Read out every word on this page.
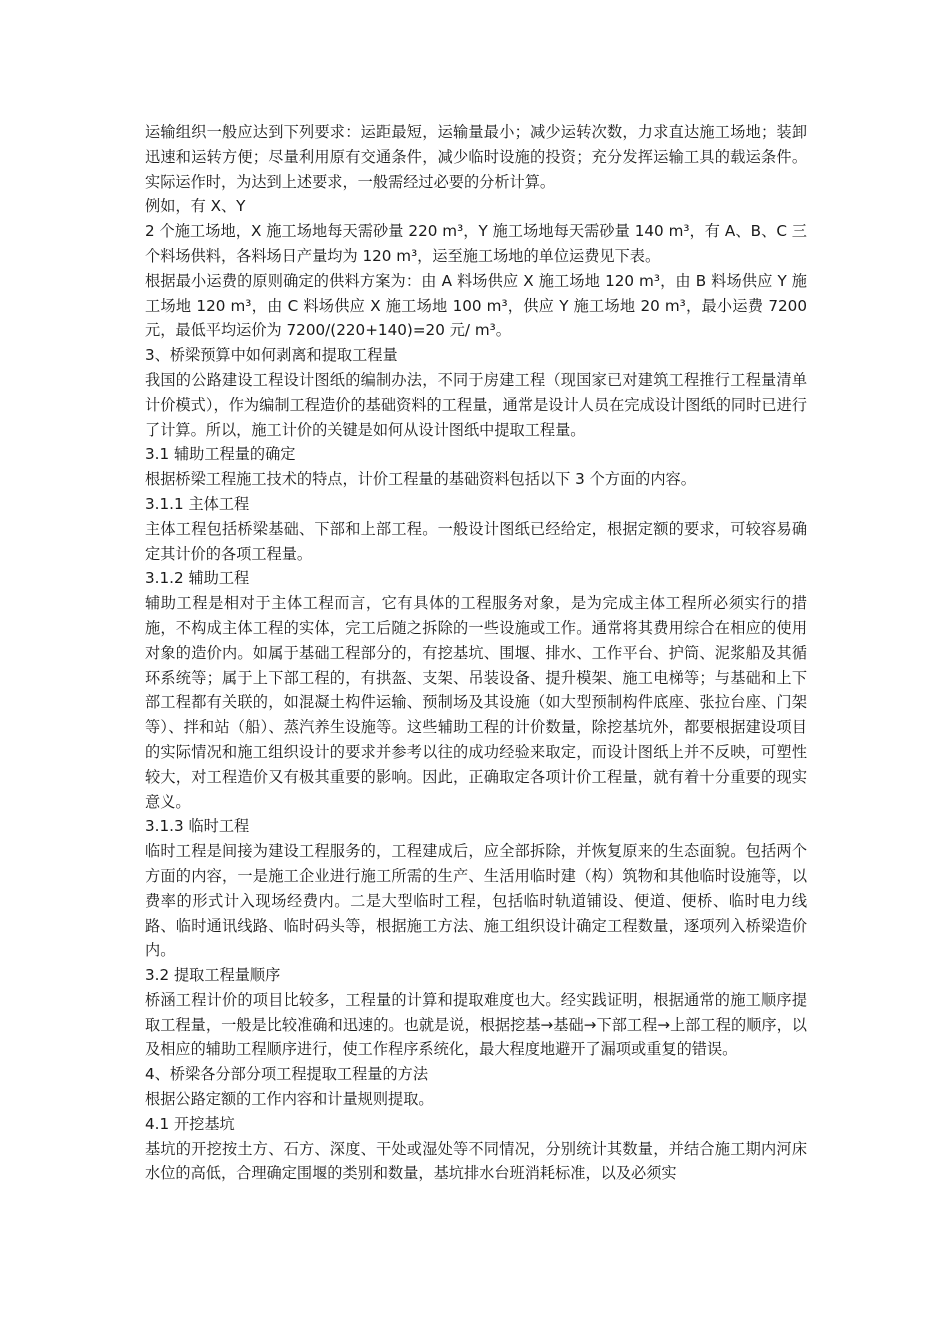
运输组织一般应达到下列要求：运距最短，运输量最小；减少运转次数，力求直达施工场地；装卸迅速和运转方便；尽量利用原有交通条件，减少临时设施的投资；充分发挥运输工具的载运条件。实际运作时，为达到上述要求，一般需经过必要的分析计算。

例如，有 X、Y

2 个施工场地，X 施工场地每天需砂量 220 m³，Y 施工场地每天需砂量 140 m³，有 A、B、C 三个料场供料，各料场日产量均为 120 m³，运至施工场地的单位运费见下表。

根据最小运费的原则确定的供料方案为：由 A 料场供应 X 施工场地 120 m³，由 B 料场供应 Y 施工场地 120 m³，由 C 料场供应 X 施工场地 100 m³，供应 Y 施工场地 20 m³，最小运费 7200 元，最低平均运价为 7200/(220+140)=20 元/ m³。

3、桥梁预算中如何剥离和提取工程量

我国的公路建设工程设计图纸的编制办法，不同于房建工程（现国家已对建筑工程推行工程量清单计价模式），作为编制工程造价的基础资料的工程量，通常是设计人员在完成设计图纸的同时已进行了计算。所以，施工计价的关键是如何从设计图纸中提取工程量。

3.1 辅助工程量的确定

根据桥梁工程施工技术的特点，计价工程量的基础资料包括以下 3 个方面的内容。

3.1.1 主体工程

主体工程包括桥梁基础、下部和上部工程。一般设计图纸已经给定，根据定额的要求，可较容易确定其计价的各项工程量。

3.1.2 辅助工程

辅助工程是相对于主体工程而言，它有具体的工程服务对象，是为完成主体工程所必须实行的措施，不构成主体工程的实体，完工后随之拆除的一些设施或工作。通常将其费用综合在相应的使用对象的造价内。如属于基础工程部分的，有挖基坑、围堰、排水、工作平台、护筒、泥浆船及其循环系统等；属于上下部工程的，有拱盔、支架、吊装设备、提升模架、施工电梯等；与基础和上下部工程都有关联的，如混凝土构件运输、预制场及其设施（如大型预制构件底座、张拉台座、门架等）、拌和站（船）、蒸汽养生设施等。这些辅助工程的计价数量，除挖基坑外，都要根据建设项目的实际情况和施工组织设计的要求并参考以往的成功经验来取定，而设计图纸上并不反映，可塑性较大，对工程造价又有极其重要的影响。因此，正确取定各项计价工程量，就有着十分重要的现实意义。

3.1.3 临时工程

临时工程是间接为建设工程服务的，工程建成后，应全部拆除，并恢复原来的生态面貌。包括两个方面的内容，一是施工企业进行施工所需的生产、生活用临时建（构）筑物和其他临时设施等，以费率的形式计入现场经费内。二是大型临时工程，包括临时轨道铺设、便道、便桥、临时电力线路、临时通讯线路、临时码头等，根据施工方法、施工组织设计确定工程数量，逐项列入桥梁造价内。

3.2 提取工程量顺序

桥涵工程计价的项目比较多，工程量的计算和提取难度也大。经实践证明，根据通常的施工顺序提取工程量，一般是比较准确和迅速的。也就是说，根据挖基→基础→下部工程→上部工程的顺序，以及相应的辅助工程顺序进行，使工作程序系统化，最大程度地避开了漏项或重复的错误。

4、桥梁各分部分项工程提取工程量的方法

根据公路定额的工作内容和计量规则提取。

4.1 开挖基坑

基坑的开挖按土方、石方、深度、干处或湿处等不同情况，分别统计其数量，并结合施工期内河床水位的高低，合理确定围堰的类别和数量，基坑排水台班消耗标准，以及必须实
